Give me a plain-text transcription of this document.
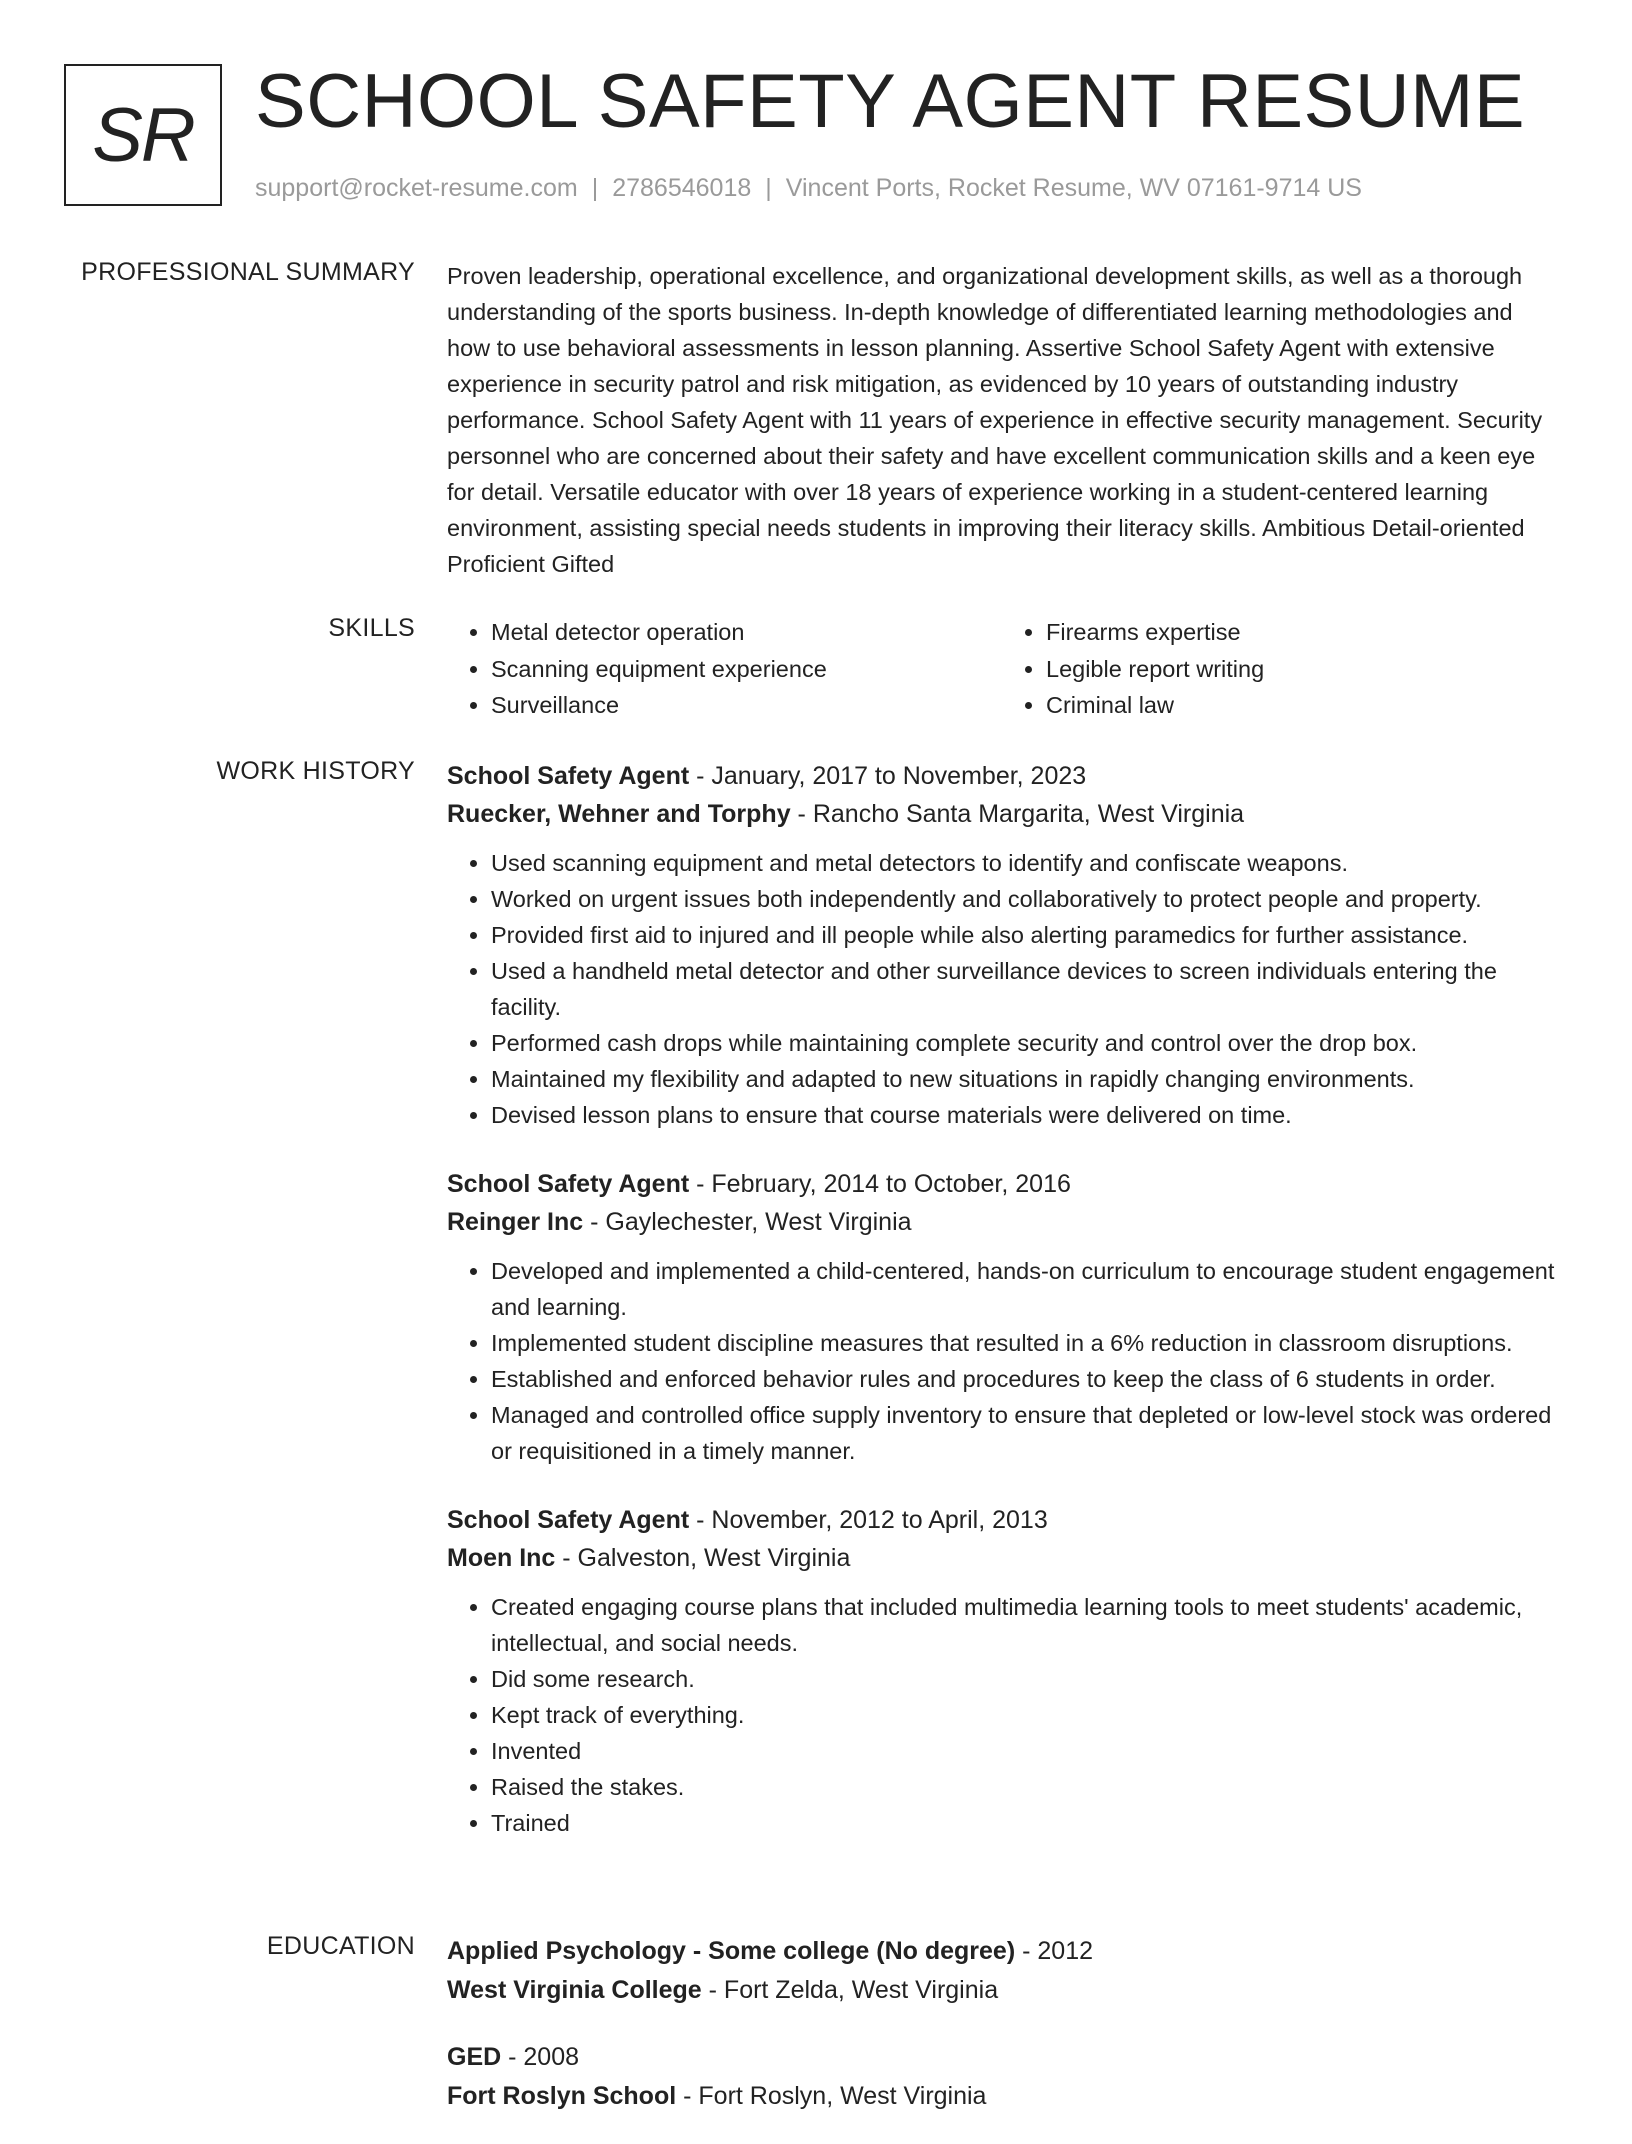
SR SCHOOL SAFETY AGENT RESUME
support@rocket-resume.com | 2786546018 | Vincent Ports, Rocket Resume, WV 07161-9714 US
PROFESSIONAL SUMMARY Proven leadership, operational excellence, and organizational development skills, as well as a thorough understanding of the sports business. In-depth knowledge of differentiated learning methodologies and how to use behavioral assessments in lesson planning. Assertive School Safety Agent with extensive experience in security patrol and risk mitigation, as evidenced by 10 years of outstanding industry performance. School Safety Agent with 11 years of experience in effective security management. Security personnel who are concerned about their safety and have excellent communication skills and a keen eye for detail. Versatile educator with over 18 years of experience working in a student-centered learning environment, assisting special needs students in improving their literacy skills. Ambitious Detail-oriented Proficient Gifted

SKILLS
•	Metal detector operation
• Scanning equipment experience
• Surveillance
• Firearms expertise
• Legible report writing
• Criminal law
WORK HISTORY School Safety Agent - January, 2017 to November, 2023
Ruecker, Wehner and Torphy - Rancho Santa Margarita, West Virginia
• Used scanning equipment and metal detectors to identify and confiscate weapons.
• Worked on urgent issues both independently and collaboratively to protect people and property.
• Provided first aid to injured and ill people while also alerting paramedics for further assistance.
• Used a handheld metal detector and other surveillance devices to screen individuals entering the facility.
• Performed cash drops while maintaining complete security and control over the drop box.
• Maintained my flexibility and adapted to new situations in rapidly changing environments.
• Devised lesson plans to ensure that course materials were delivered on time.
School Safety Agent - February, 2014 to October, 2016
Reinger Inc - Gaylechester, West Virginia
• Developed and implemented a child-centered, hands-on curriculum to encourage student engagement and learning.
• Implemented student discipline measures that resulted in a 6% reduction in classroom disruptions.
• Established and enforced behavior rules and procedures to keep the class of 6 students in order.
• Managed and controlled office supply inventory to ensure that depleted or low-level stock was ordered or requisitioned in a timely manner.
School Safety Agent - November, 2012 to April, 2013
Moen Inc - Galveston, West Virginia
• Created engaging course plans that included multimedia learning tools to meet students' academic, intellectual, and social needs.
• Did some research.
• Kept track of everything.
• Invented
• Raised the stakes.
• Trained
EDUCATION Applied Psychology - Some college (No degree) - 2012
West Virginia College - Fort Zelda, West Virginia
GED - 2008
Fort Roslyn School - Fort Roslyn, West Virginia
